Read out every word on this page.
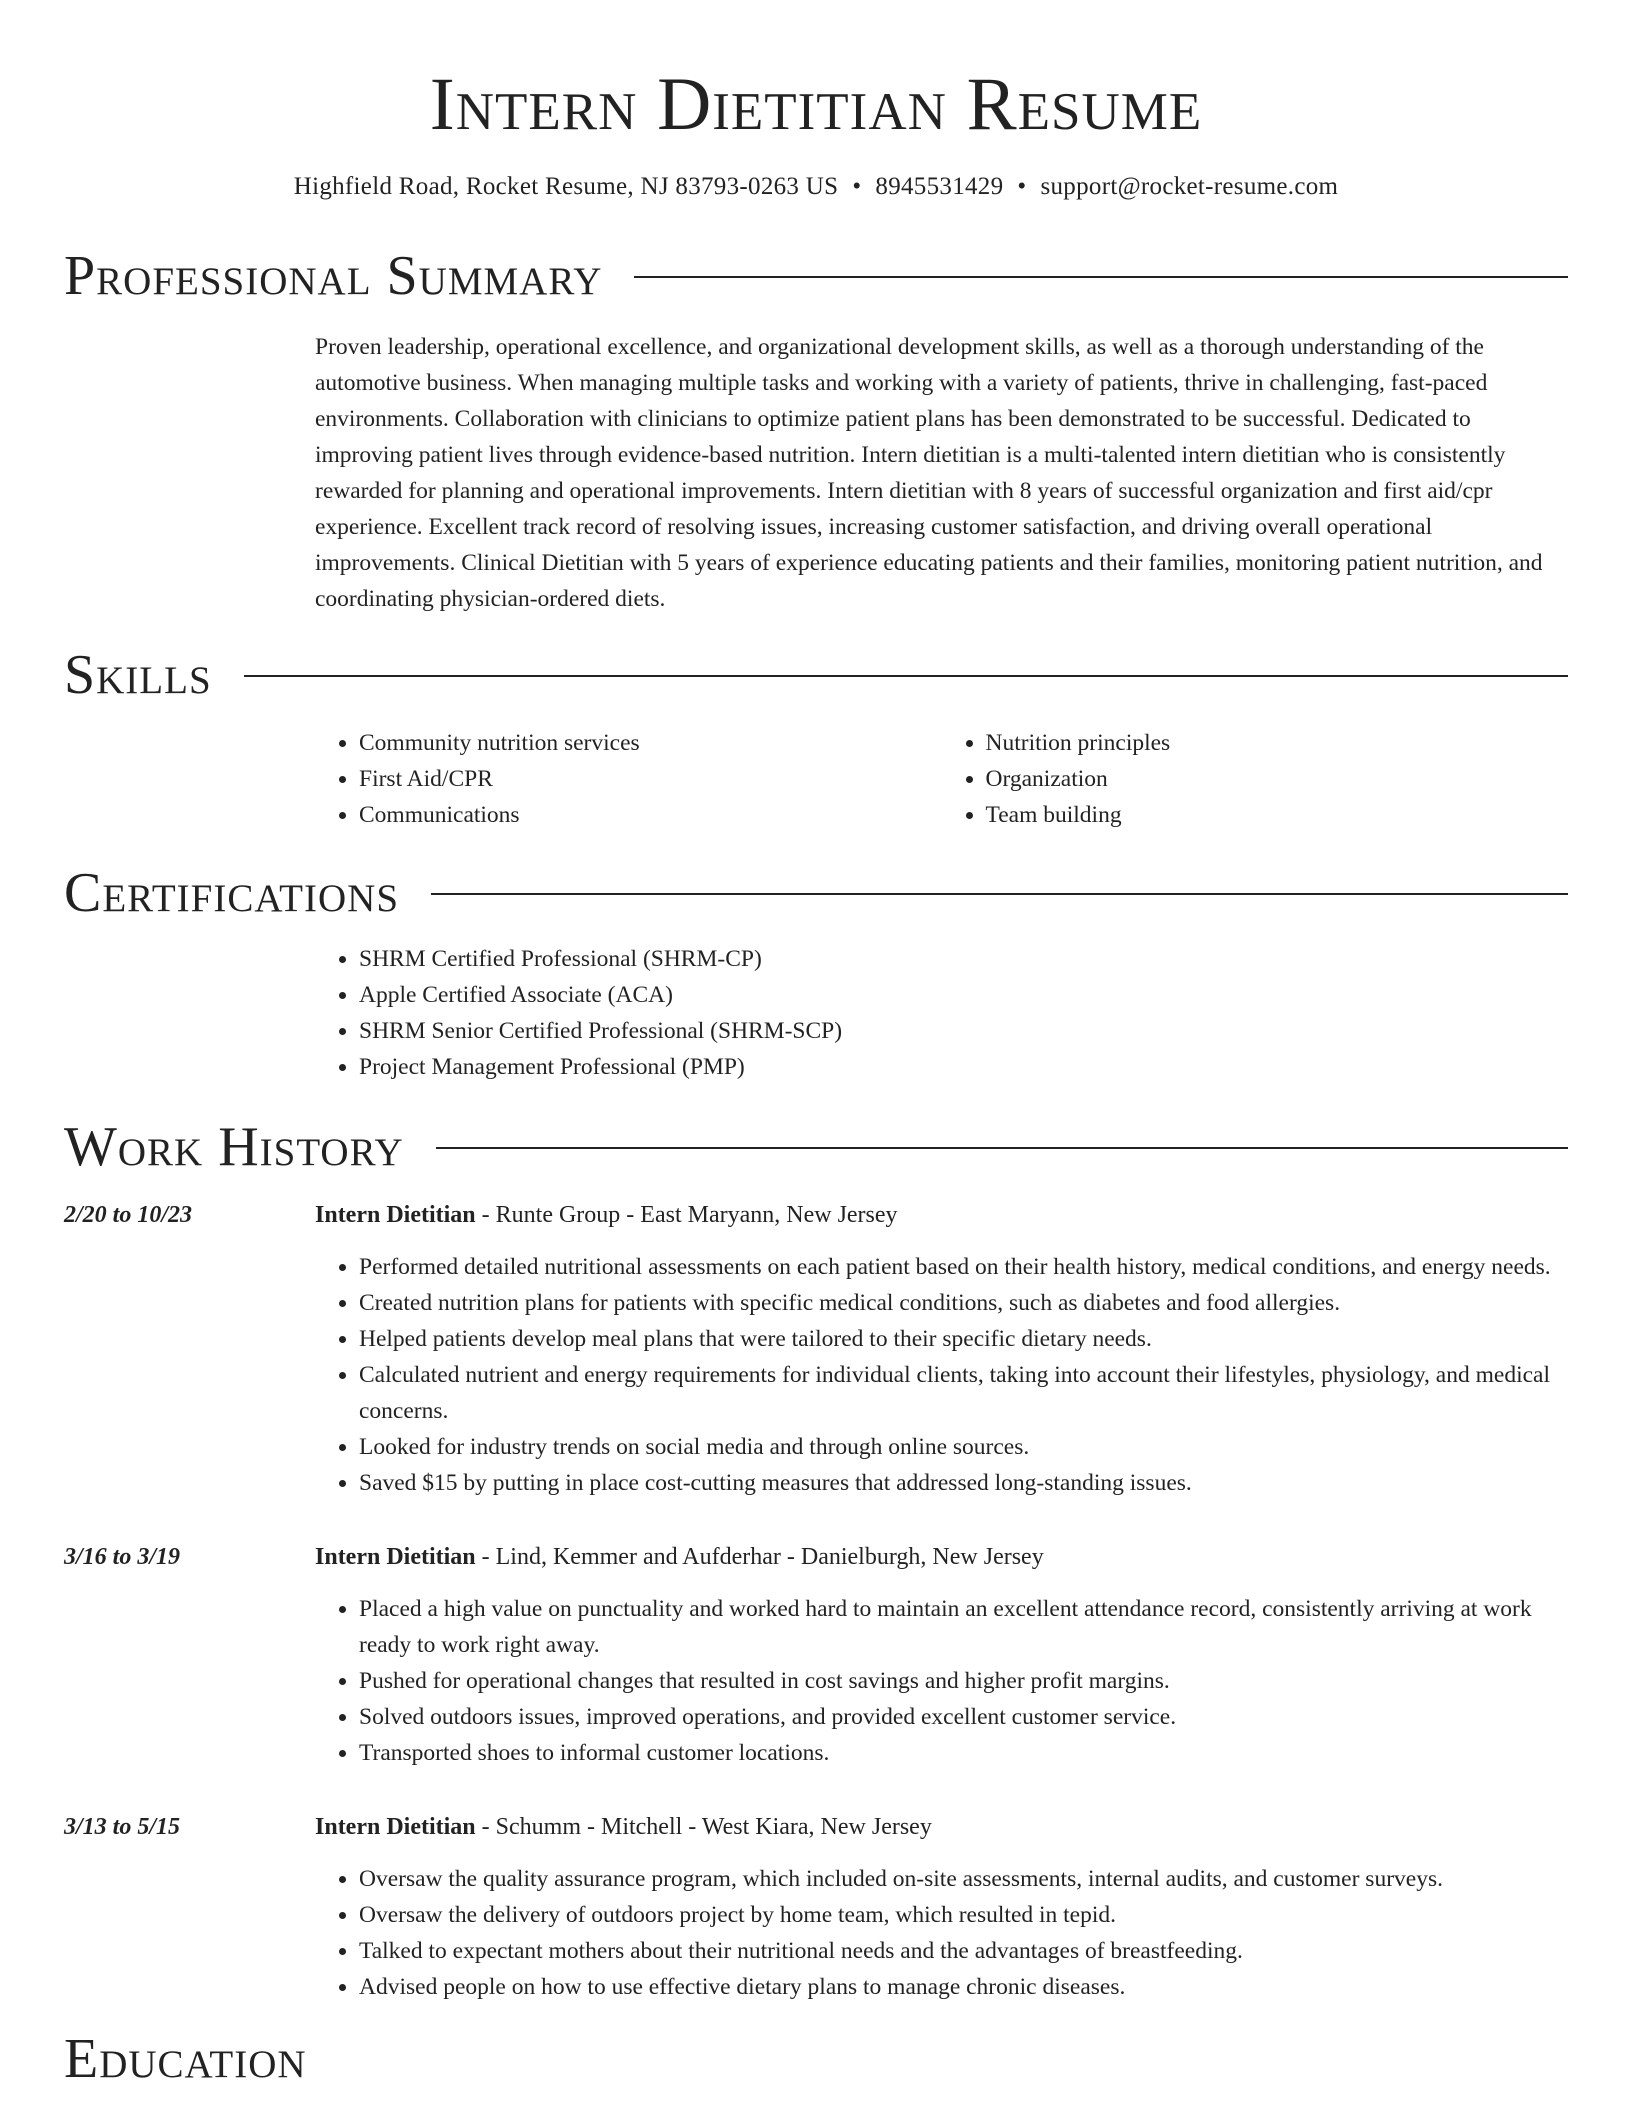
Intern Dietitian Resume
Highfield Road, Rocket Resume, NJ 83793-0263 US • 8945531429 • support@rocket-resume.com
Professional Summary

Proven leadership, operational excellence, and organizational development skills, as well as a thorough understanding of the automotive business. When managing multiple tasks and working with a variety of patients, thrive in challenging, fast-paced environments. Collaboration with clinicians to optimize patient plans has been demonstrated to be successful. Dedicated to improving patient lives through evidence-based nutrition. Intern dietitian is a multi-talented intern dietitian who is consistently rewarded for planning and operational improvements. Intern dietitian with 8 years of successful organization and first aid/cpr experience. Excellent track record of resolving issues, increasing customer satisfaction, and driving overall operational improvements. Clinical Dietitian with 5 years of experience educating patients and their families, monitoring patient nutrition, and coordinating physician-ordered diets.

Skills
• Community nutrition services
• First Aid/CPR
• Communications
• Nutrition principles
• Organization
• Team building
Certifications
• SHRM Certified Professional (SHRM-CP)
• Apple Certified Associate (ACA)
• SHRM Senior Certified Professional (SHRM-SCP)
• Project Management Professional (PMP)
Work History
2/20 to 10/23	Intern Dietitian - Runte Group - East Maryann, New Jersey
• Performed detailed nutritional assessments on each patient based on their health history, medical conditions, and energy needs.
• Created nutrition plans for patients with specific medical conditions, such as diabetes and food allergies.
• Helped patients develop meal plans that were tailored to their specific dietary needs.
• Calculated nutrient and energy requirements for individual clients, taking into account their lifestyles, physiology, and medical concerns.
• Looked for industry trends on social media and through online sources.
• Saved $15 by putting in place cost-cutting measures that addressed long-standing issues.
3/16 to 3/19	Intern Dietitian - Lind, Kemmer and Aufderhar - Danielburgh, New Jersey
• Placed a high value on punctuality and worked hard to maintain an excellent attendance record, consistently arriving at work ready to work right away.
• Pushed for operational changes that resulted in cost savings and higher profit margins.
• Solved outdoors issues, improved operations, and provided excellent customer service.
• Transported shoes to informal customer locations.
3/13 to 5/15	Intern Dietitian - Schumm - Mitchell - West Kiara, New Jersey
• Oversaw the quality assurance program, which included on-site assessments, internal audits, and customer surveys.
• Oversaw the delivery of outdoors project by home team, which resulted in tepid.
• Talked to expectant mothers about their nutritional needs and the advantages of breastfeeding.
• Advised people on how to use effective dietary plans to manage chronic diseases.
Education
